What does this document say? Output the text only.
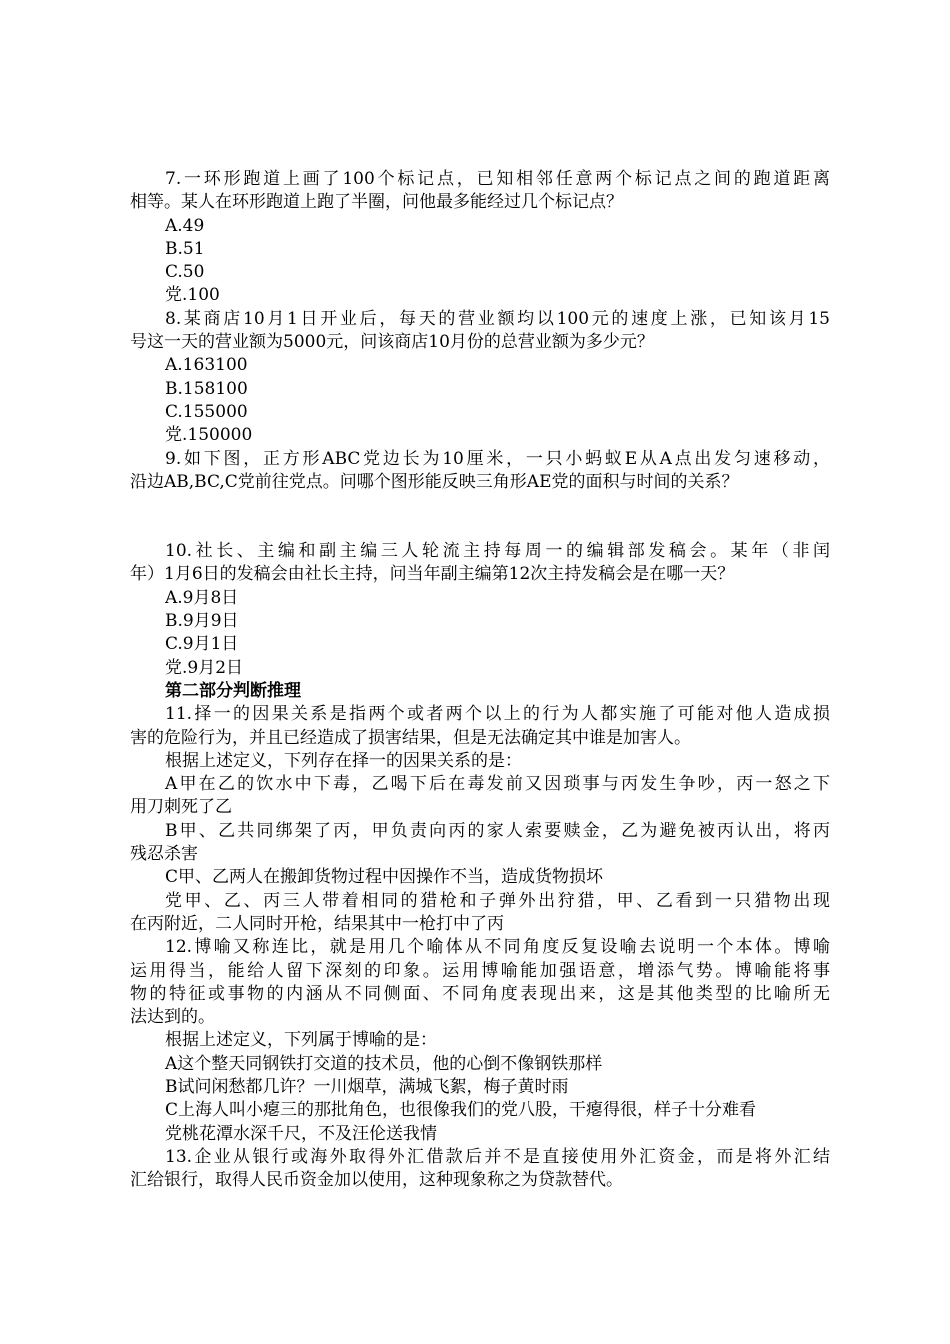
7.一环形跑道上画了100个标记点，已知相邻任意两个标记点之间的跑道距离
相等。某人在环形跑道上跑了半圈，问他最多能经过几个标记点？
A.49
B.51
C.50
党.100
8.某商店10月1日开业后，每天的营业额均以100元的速度上涨，已知该月15
号这一天的营业额为5000元，问该商店10月份的总营业额为多少元？
A.163100
B.158100
C.155000
党.150000
9.如下图，正方形ABC党边长为10厘米，一只小蚂蚁E从A点出发匀速移动，
沿边AB,BC,C党前往党点。问哪个图形能反映三角形AE党的面积与时间的关系？
10.社长、主编和副主编三人轮流主持每周一的编辑部发稿会。某年（非闰
年）1月6日的发稿会由社长主持，问当年副主编第12次主持发稿会是在哪一天？
A.9月8日
B.9月9日
C.9月1日
党.9月2日
第二部分判断推理
11.择一的因果关系是指两个或者两个以上的行为人都实施了可能对他人造成损
害的危险行为，并且已经造成了损害结果，但是无法确定其中谁是加害人。
根据上述定义，下列存在择一的因果关系的是：
A甲在乙的饮水中下毒，乙喝下后在毒发前又因琐事与丙发生争吵，丙一怒之下
用刀刺死了乙
B甲、乙共同绑架了丙，甲负责向丙的家人索要赎金，乙为避免被丙认出，将丙
残忍杀害
C甲、乙两人在搬卸货物过程中因操作不当，造成货物损坏
党甲、乙、丙三人带着相同的猎枪和子弹外出狩猎，甲、乙看到一只猎物出现
在丙附近，二人同时开枪，结果其中一枪打中了丙
12.博喻又称连比，就是用几个喻体从不同角度反复设喻去说明一个本体。博喻
运用得当，能给人留下深刻的印象。运用博喻能加强语意，增添气势。博喻能将事
物的特征或事物的内涵从不同侧面、不同角度表现出来，这是其他类型的比喻所无
法达到的。
根据上述定义，下列属于博喻的是：
A这个整天同钢铁打交道的技术员，他的心倒不像钢铁那样
B试问闲愁都几许？一川烟草，满城飞絮，梅子黄时雨
C上海人叫小瘪三的那批角色，也很像我们的党八股，干瘪得很，样子十分难看
党桃花潭水深千尺，不及汪伦送我情
13.企业从银行或海外取得外汇借款后并不是直接使用外汇资金，而是将外汇结
汇给银行，取得人民币资金加以使用，这种现象称之为贷款替代。
